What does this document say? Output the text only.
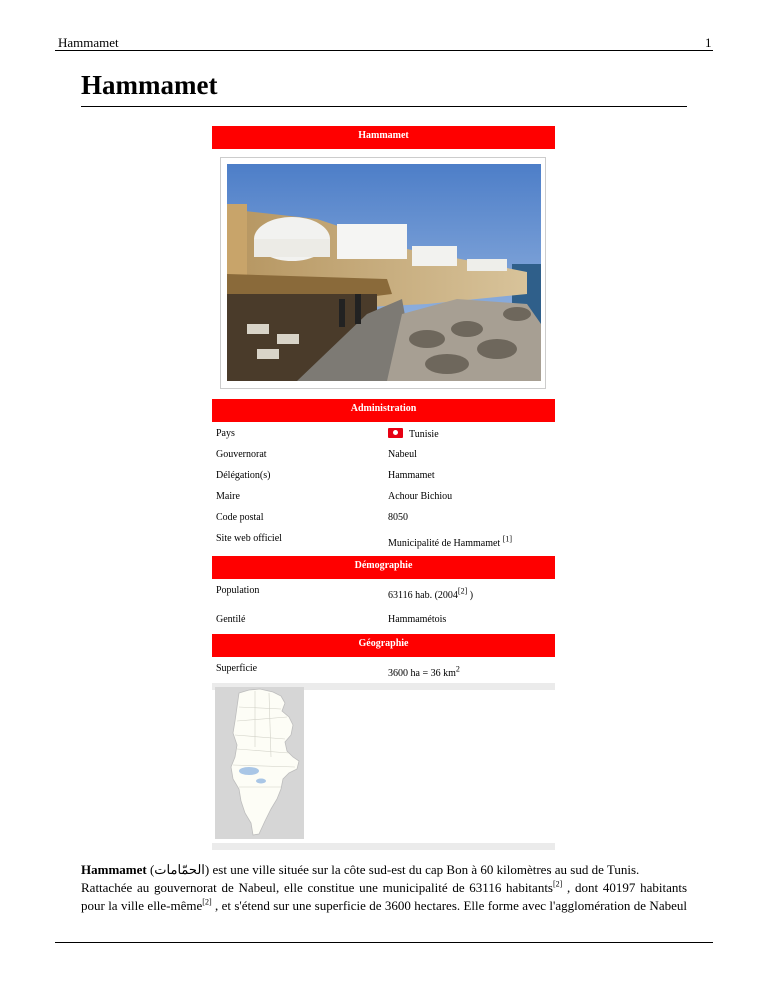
Hammamet	1
Hammamet
Hammamet
Administration
Pays	Tunisie
Gouvernorat	Nabeul
Délégation(s)	Hammamet
Maire	Achour Bichiou
Code postal	8050
Site web officiel	Municipalité de Hammamet [1]
Démographie
Population	63116 hab. (2004[2] )
Gentilé	Hammamétois
Géographie
Superficie	3600 ha = 36 $km^2$

Hammamet (الحمّامات) est une ville située sur la côte sud-est du cap Bon à 60 kilomètres au sud de Tunis.

Rattachée au gouvernorat de Nabeul, elle constitue une municipalité de 63116 habitants[2] , dont 40197 habitants

pour la ville elle-même[2] , et s'étend sur une superficie de 3600 hectares. Elle forme avec l'agglomération de Nabeul
